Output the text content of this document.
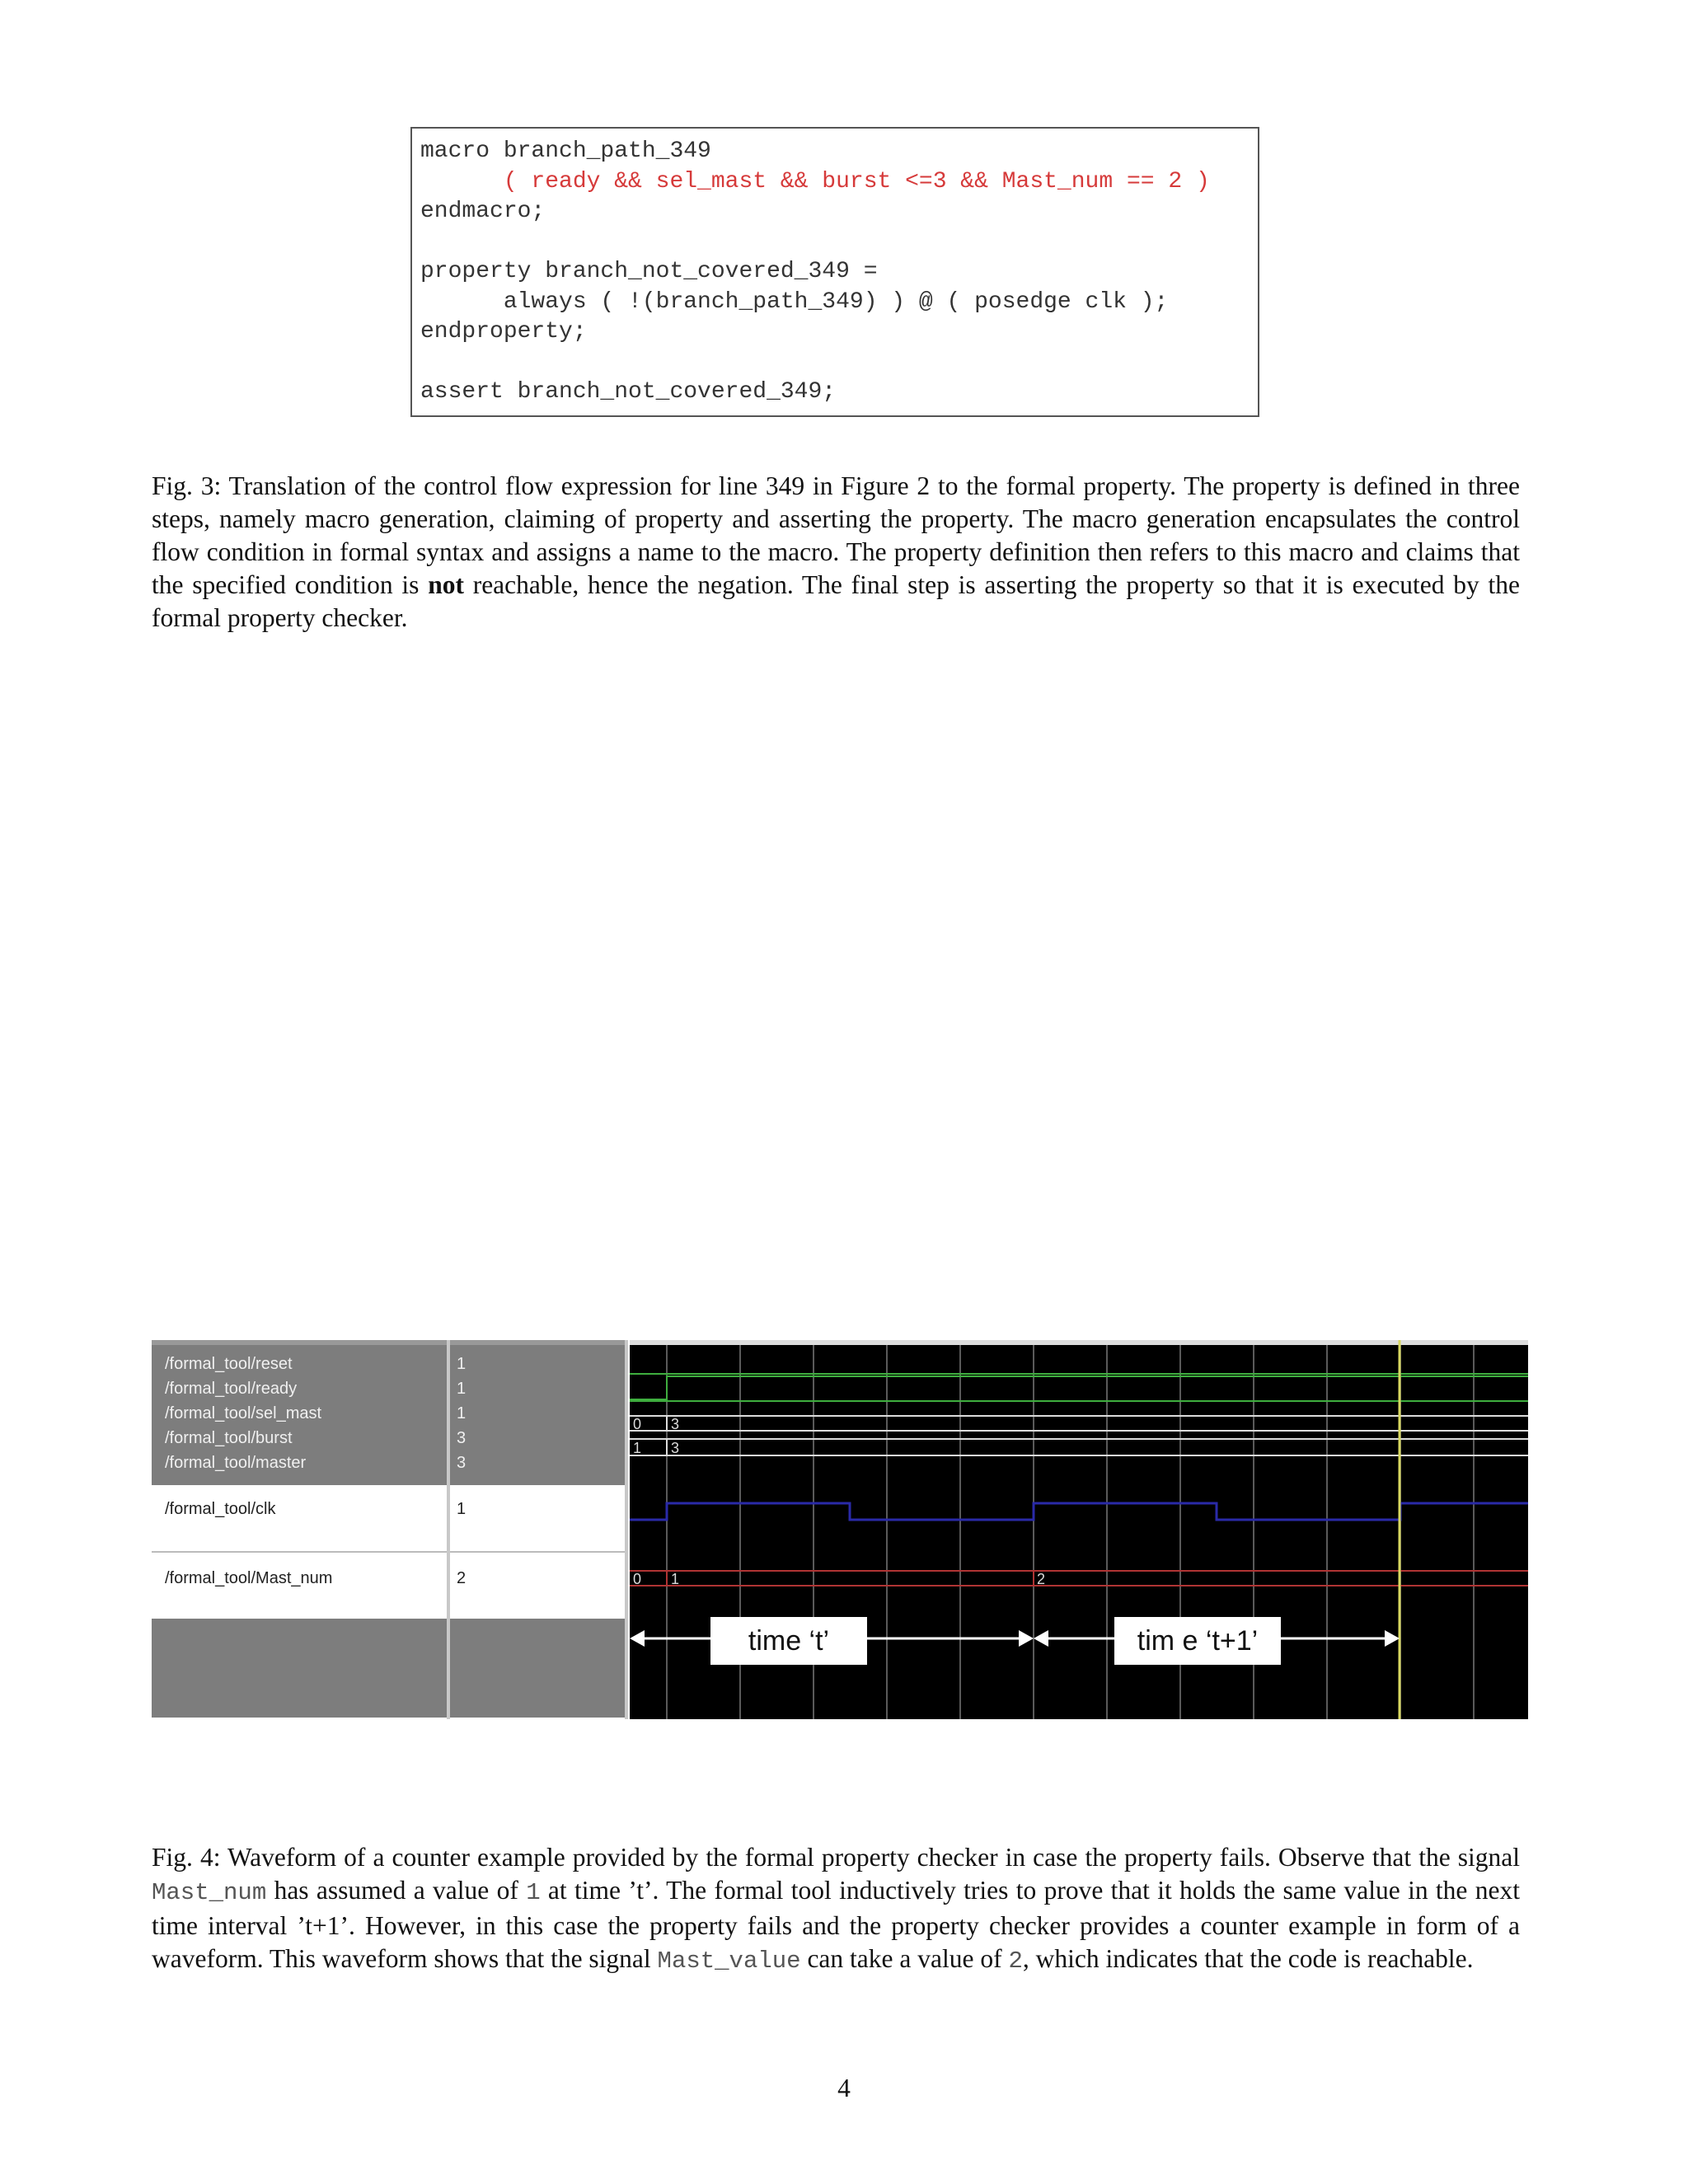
macro branch_path_349
( ready && sel_mast && burst <=3 && Mast_num == 2 )
endmacro;
property branch_not_covered_349 =
always ( !(branch_path_349) ) @ ( posedge clk );
endproperty;
assert branch_not_covered_349;
Fig. 3: Translation of the control flow expression for line 349 in Figure 2 to the formal property. The property is defined in three steps, namely macro generation, claiming of property and asserting the property. The macro generation encapsulates the control flow condition in formal syntax and assigns a name to the macro. The property definition then refers to this macro and claims that the specified condition is not reachable, hence the negation. The final step is asserting the property so that it is executed by the formal property checker.
/formal_tool/reset
/formal_tool/ready
/formal_tool/sel_mast
/formal_tool/burst
/formal_tool/master
/formal_tool/clk
/formal_tool/Mast_num
1
1
1
3
3
1
2
0 3
1 3
0 1	2
time ‘t’	tim e ‘t+1’
Fig. 4: Waveform of a counter example provided by the formal property checker in case the property fails. Observe that the signal Mast_num has assumed a value of 1 at time ’t’. The formal tool inductively tries to prove that it holds the same value in the next time interval ’t+1’. However, in this case the property fails and the property checker provides a counter example in form of a waveform. This waveform shows that the signal Mast_value can take a value of 2, which indicates that the code is reachable.
4
